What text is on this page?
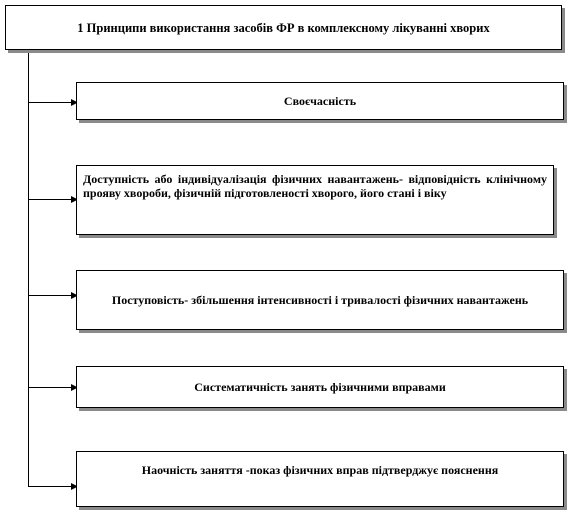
1 Принципи використання засобів ФР в комплексному лікуванні хворих
Своєчасність
Доступність або індивідуалізація фізичних навантажень- відповідність клінічному прояву хвороби, фізичній підготовленості хворого, його стані і віку
Поступовість- збільшення інтенсивності і тривалості фізичних навантажень
Систематичність занять фізичними вправами
Наочність заняття -показ фізичних вправ підтверджує пояснення
